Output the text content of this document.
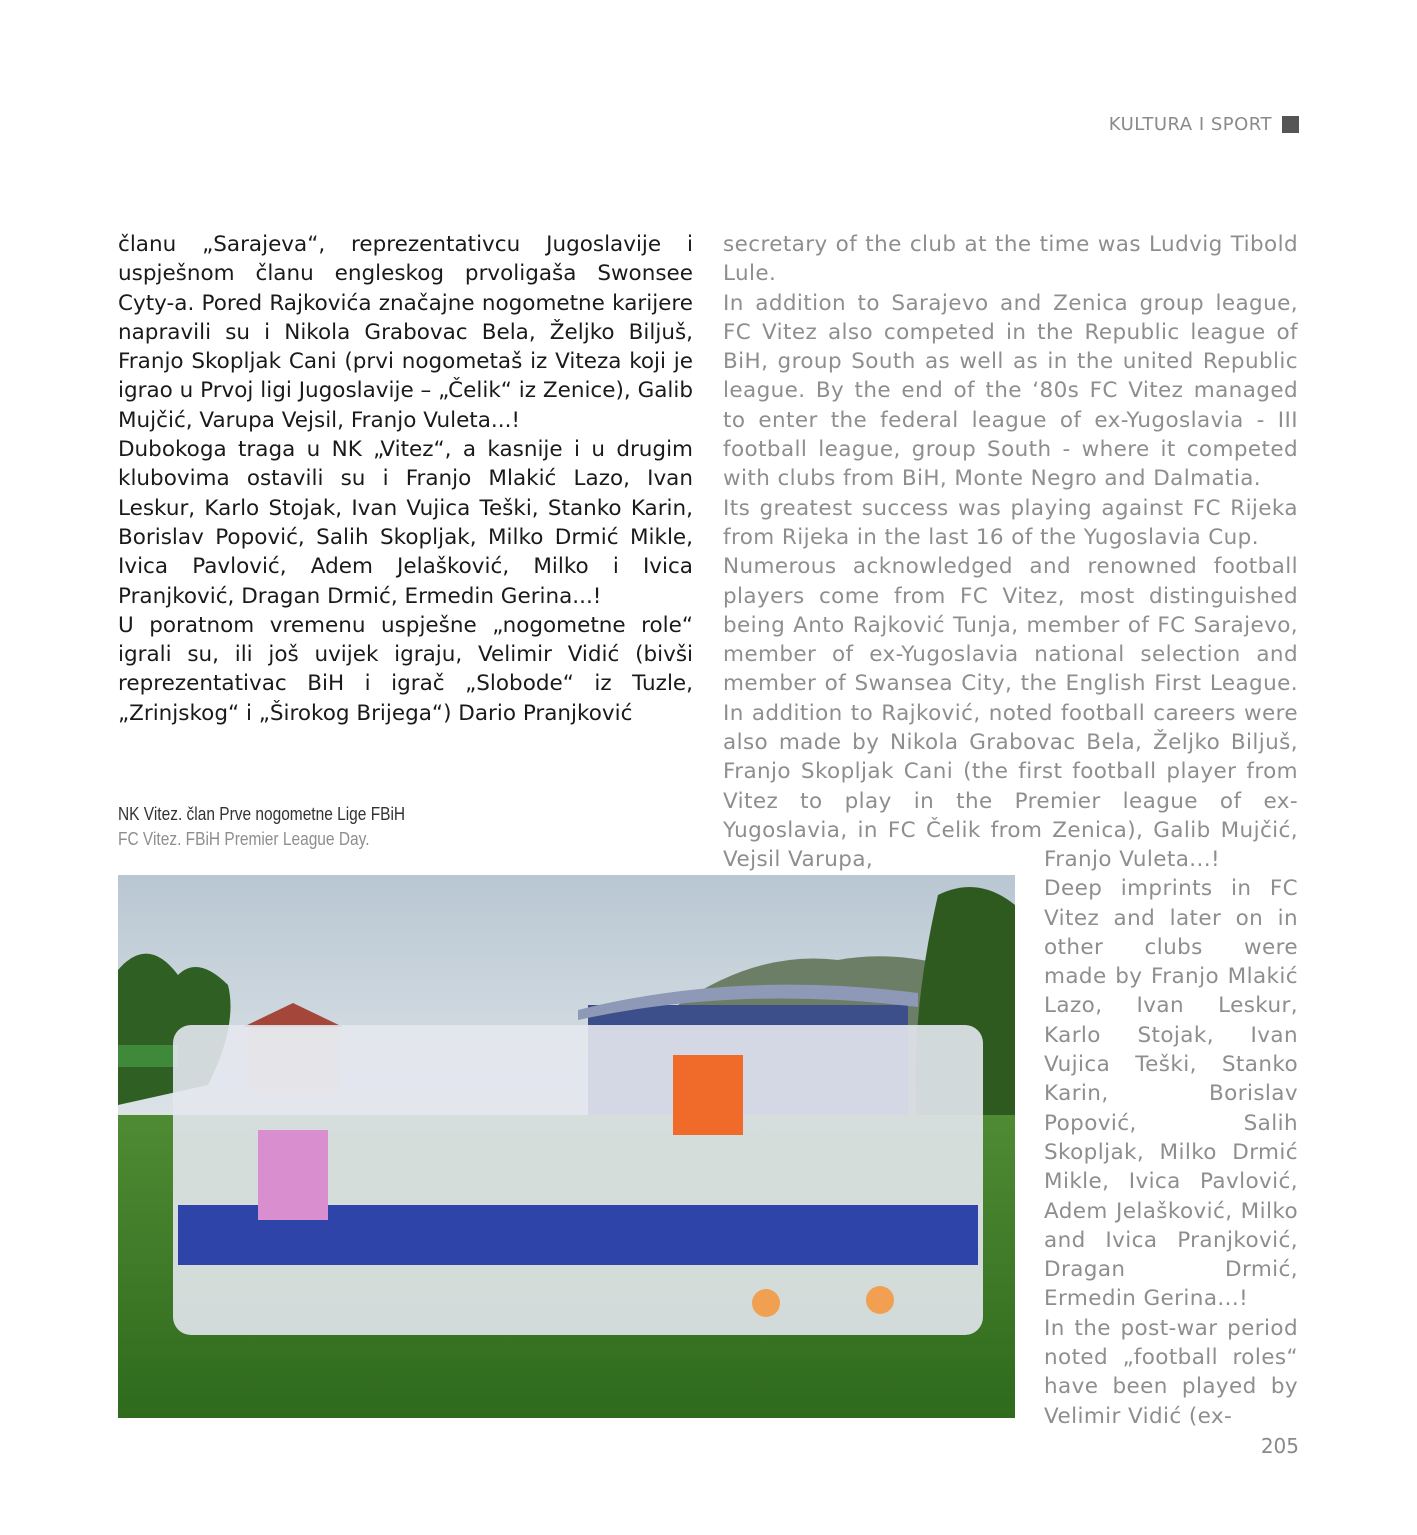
KULTURA I SPORT

članu „Sarajeva“, reprezentativcu Jugoslavije i uspješnom članu engleskog prvoligaša Swonsee Cyty-a. Pored Rajkovića značajne nogometne karijere napravili su i Nikola Grabovac Bela, Željko Biljuš, Franjo Skopljak Cani (prvi nogometaš iz Viteza koji je igrao u Prvoj ligi Jugoslavije – „Čelik“ iz Zenice), Galib Mujčić, Varupa Vejsil, Franjo Vuleta...!

Dubokoga traga u NK „Vitez“, a kasnije i u drugim klubovima ostavili su i Franjo Mlakić Lazo, Ivan Leskur, Karlo Stojak, Ivan Vujica Teški, Stanko Karin, Borislav Popović, Salih Skopljak, Milko Drmić Mikle, Ivica Pavlović, Adem Jelašković, Milko i Ivica Pranjković, Dragan Drmić, Ermedin Gerina...!

U poratnom vremenu uspješne „nogometne role“ igrali su, ili još uvijek igraju, Velimir Vidić (bivši reprezentativac BiH i igrač „Slobode“ iz Tuzle, „Zrinjskog“ i „Širokog Brijega“) Dario Pranjković

secretary of the club at the time was Ludvig Tibold Lule.

In addition to Sarajevo and Zenica group league, FC Vitez also competed in the Republic league of BiH, group South as well as in the united Republic league. By the end of the ‘80s FC Vitez managed to enter the federal league of ex-Yugoslavia - III football league, group South - where it competed with clubs from BiH, Monte Negro and Dalmatia.

Its greatest success was playing against FC Rijeka from Rijeka in the last 16 of the Yugoslavia Cup.

Numerous acknowledged and renowned football players come from FC Vitez, most distinguished being Anto Rajković Tunja, member of FC Sarajevo, member of ex-Yugoslavia national selection and member of Swansea City, the English First League. In addition to Rajković, noted football careers were also made by Nikola Grabovac Bela, Željko Biljuš, Franjo Skopljak Cani (the first football player from Vitez to play in the Premier league of ex-Yugoslavia, in FC Čelik from Zenica), Galib Mujčić, Vejsil Varupa,	Franjo Vuleta...!

Deep imprints in FC Vitez and later on in other clubs were made by Franjo Mlakić Lazo, Ivan Leskur, Karlo Stojak, Ivan Vujica Teški, Stanko Karin, Borislav Popović, Salih Skopljak, Milko Drmić Mikle, Ivica Pavlović, Adem Jelašković, Milko and Ivica Pranjković, Dragan Drmić, Ermedin Gerina...!

In the post-war period noted „football roles“ have been played by Velimir Vidić (ex-

NK Vitez. član Prve nogometne Lige FBiH
FC Vitez. FBiH Premier League Day.
205
